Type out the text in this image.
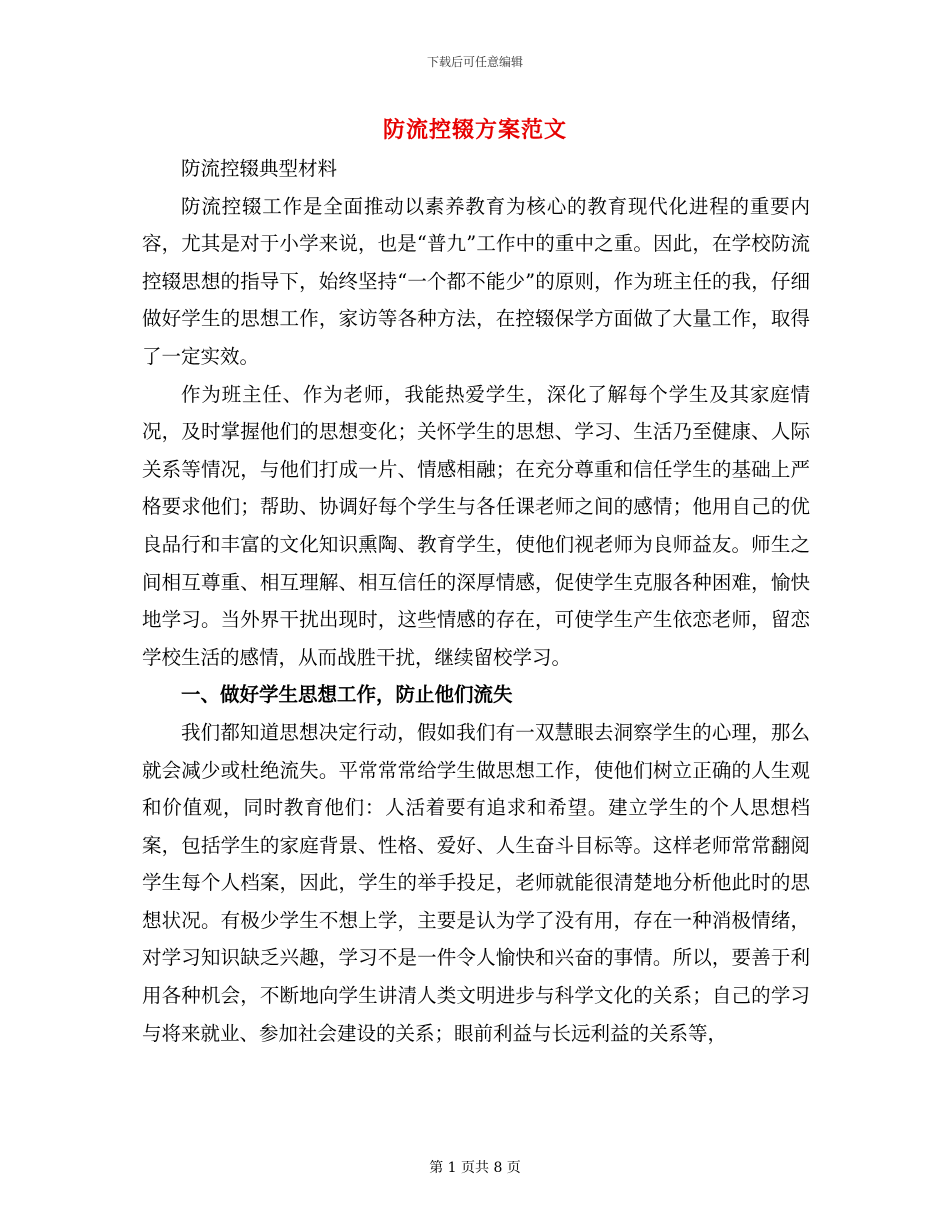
下载后可任意编辑
防流控辍方案范文

防流控辍典型材料

防流控辍工作是全面推动以素养教育为核心的教育现代化进程的重要内容，尤其是对于小学来说，也是“普九”工作中的重中之重。因此，在学校防流控辍思想的指导下，始终坚持“一个都不能少”的原则，作为班主任的我，仔细做好学生的思想工作，家访等各种方法，在控辍保学方面做了大量工作，取得了一定实效。

作为班主任、作为老师，我能热爱学生，深化了解每个学生及其家庭情况，及时掌握他们的思想变化；关怀学生的思想、学习、生活乃至健康、人际关系等情况，与他们打成一片、情感相融；在充分尊重和信任学生的基础上严格要求他们；帮助、协调好每个学生与各任课老师之间的感情；他用自己的优良品行和丰富的文化知识熏陶、教育学生，使他们视老师为良师益友。师生之间相互尊重、相互理解、相互信任的深厚情感，促使学生克服各种困难，愉快地学习。当外界干扰出现时，这些情感的存在，可使学生产生依恋老师，留恋学校生活的感情，从而战胜干扰，继续留校学习。

一、做好学生思想工作，防止他们流失

我们都知道思想决定行动，假如我们有一双慧眼去洞察学生的心理，那么就会减少或杜绝流失。平常常常给学生做思想工作，使他们树立正确的人生观和价值观，同时教育他们：人活着要有追求和希望。建立学生的个人思想档案，包括学生的家庭背景、性格、爱好、人生奋斗目标等。这样老师常常翻阅学生每个人档案，因此，学生的举手投足，老师就能很清楚地分析他此时的思想状况。有极少学生不想上学，主要是认为学了没有用，存在一种消极情绪，对学习知识缺乏兴趣，学习不是一件令人愉快和兴奋的事情。所以，要善于利用各种机会，不断地向学生讲清人类文明进步与科学文化的关系；自己的学习与将来就业、参加社会建设的关系；眼前利益与长远利益的关系等，

第 1 页共 8 页
